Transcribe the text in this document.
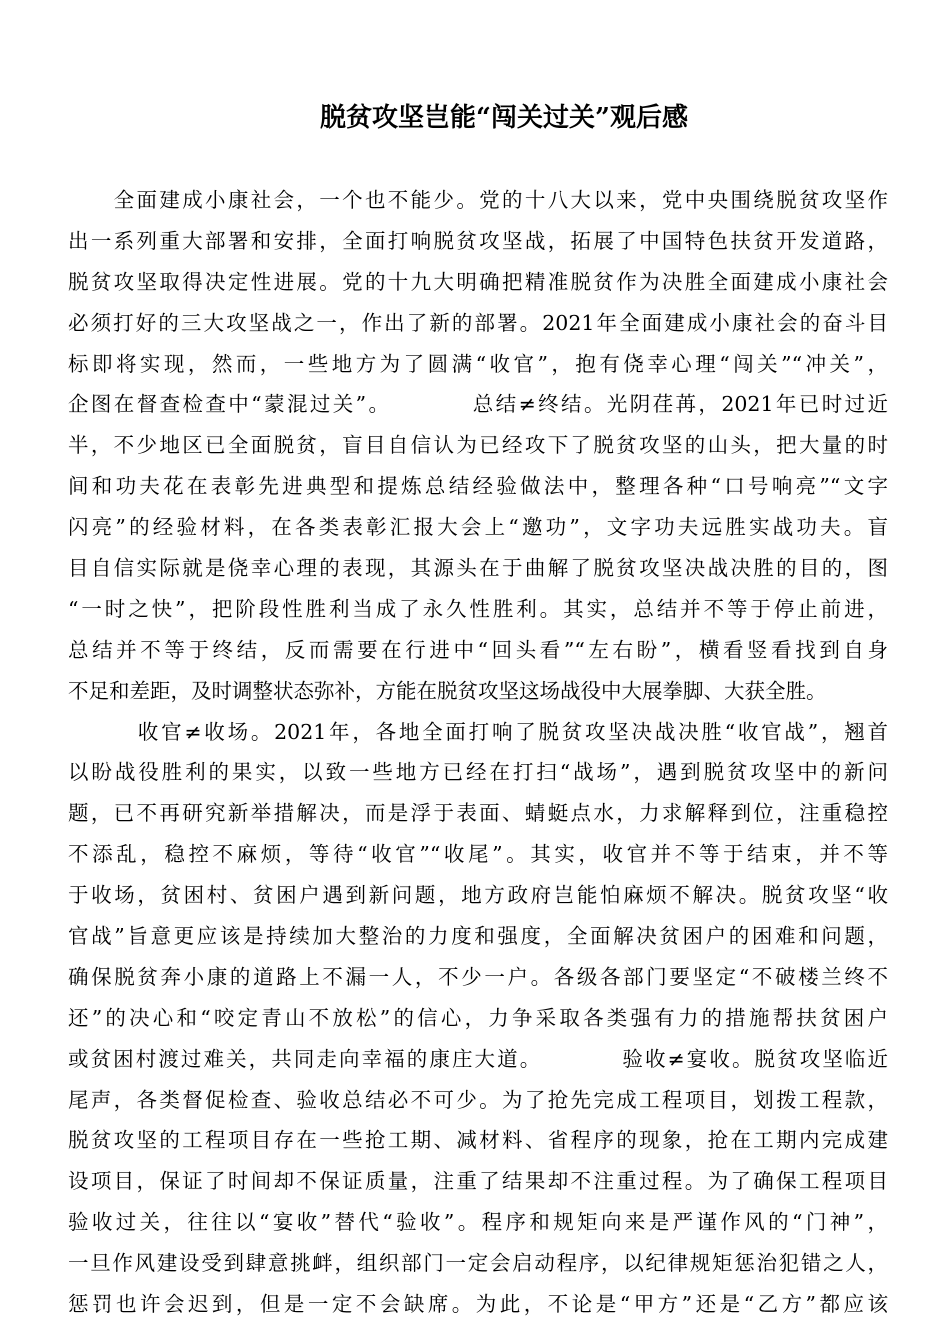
脱贫攻坚岂能“闯关过关”观后感
　　全面建成小康社会，一个也不能少。党的十八大以来，党中央围绕脱贫攻坚作
出一系列重大部署和安排，全面打响脱贫攻坚战，拓展了中国特色扶贫开发道路，
脱贫攻坚取得决定性进展。党的十九大明确把精准脱贫作为决胜全面建成小康社会
必须打好的三大攻坚战之一，作出了新的部署。2021年全面建成小康社会的奋斗目
标即将实现，然而，一些地方为了圆满“收官”，抱有侥幸心理“闯关”“冲关”，
企图在督查检查中“蒙混过关”。　　　　总结≠终结。光阴荏苒，2021年已时过近
半，不少地区已全面脱贫，盲目自信认为已经攻下了脱贫攻坚的山头，把大量的时
间和功夫花在表彰先进典型和提炼总结经验做法中，整理各种“口号响亮”“文字
闪亮”的经验材料，在各类表彰汇报大会上“邀功”，文字功夫远胜实战功夫。盲
目自信实际就是侥幸心理的表现，其源头在于曲解了脱贫攻坚决战决胜的目的，图
“一时之快”，把阶段性胜利当成了永久性胜利。其实，总结并不等于停止前进，
总结并不等于终结，反而需要在行进中“回头看”“左右盼”，横看竖看找到自身
不足和差距，及时调整状态弥补，方能在脱贫攻坚这场战役中大展拳脚、大获全胜。
　　　收官≠收场。2021年，各地全面打响了脱贫攻坚决战决胜“收官战”，翘首
以盼战役胜利的果实，以致一些地方已经在打扫“战场”，遇到脱贫攻坚中的新问
题，已不再研究新举措解决，而是浮于表面、蜻蜓点水，力求解释到位，注重稳控
不添乱，稳控不麻烦，等待“收官”“收尾”。其实，收官并不等于结束，并不等
于收场，贫困村、贫困户遇到新问题，地方政府岂能怕麻烦不解决。脱贫攻坚“收
官战”旨意更应该是持续加大整治的力度和强度，全面解决贫困户的困难和问题，
确保脱贫奔小康的道路上不漏一人，不少一户。各级各部门要坚定“不破楼兰终不
还”的决心和“咬定青山不放松”的信心，力争采取各类强有力的措施帮扶贫困户
或贫困村渡过难关，共同走向幸福的康庄大道。　　　　验收≠宴收。脱贫攻坚临近
尾声，各类督促检查、验收总结必不可少。为了抢先完成工程项目，划拨工程款，
脱贫攻坚的工程项目存在一些抢工期、减材料、省程序的现象，抢在工期内完成建
设项目，保证了时间却不保证质量，注重了结果却不注重过程。为了确保工程项目
验收过关，往往以“宴收”替代“验收”。程序和规矩向来是严谨作风的“门神”，
一旦作风建设受到肆意挑衅，组织部门一定会启动程序，以纪律规矩惩治犯错之人，
惩罚也许会迟到，但是一定不会缺席。为此，不论是“甲方”还是“乙方”都应该
